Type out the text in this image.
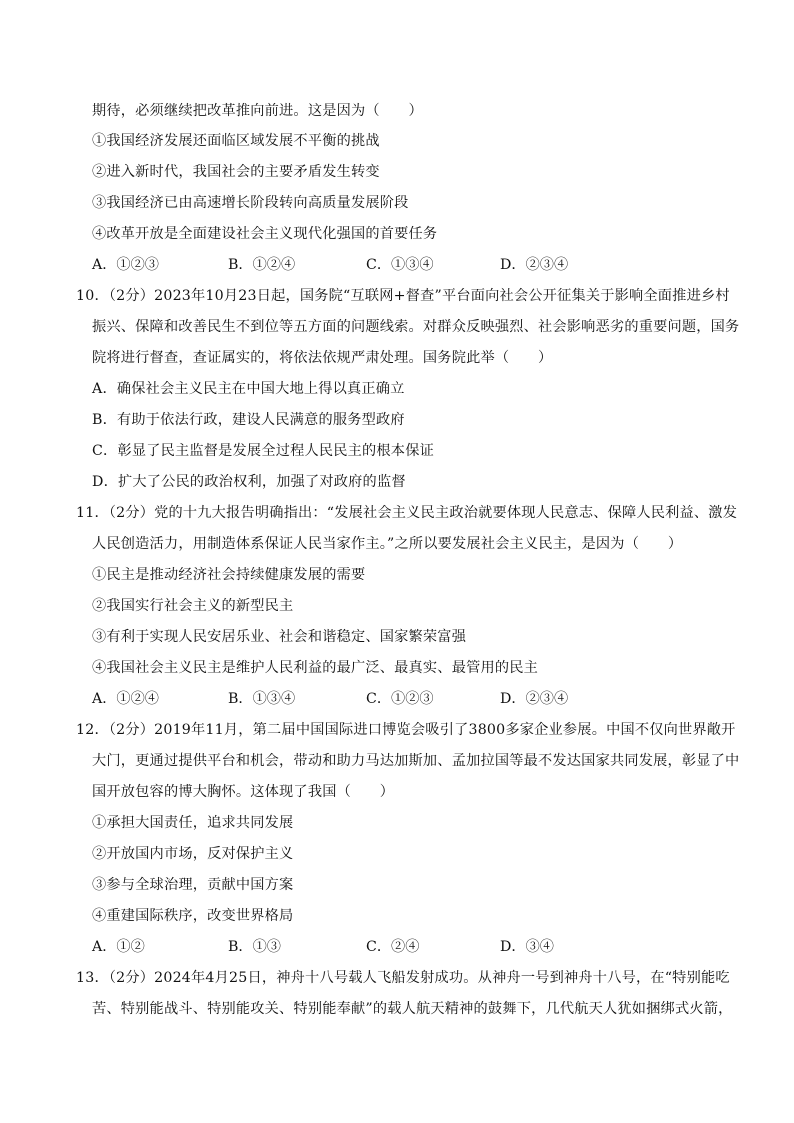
期待，必须继续把改革推向前进。这是因为（　　）
①我国经济发展还面临区域发展不平衡的挑战
②进入新时代，我国社会的主要矛盾发生转变
③我国经济已由高速增长阶段转向高质量发展阶段
④改革开放是全面建设社会主义现代化强国的首要任务
A．①②③	B．①②④	C．①③④	D．②③④
10．（2分）2023年10月23日起，国务院“互联网+督查”平台面向社会公开征集关于影响全面推进乡村
振兴、保障和改善民生不到位等五方面的问题线索。对群众反映强烈、社会影响恶劣的重要问题，国务
院将进行督查，查证属实的，将依法依规严肃处理。国务院此举（　　）
A．确保社会主义民主在中国大地上得以真正确立
B．有助于依法行政，建设人民满意的服务型政府
C．彰显了民主监督是发展全过程人民民主的根本保证
D．扩大了公民的政治权利，加强了对政府的监督
11．（2分）党的十九大报告明确指出：“发展社会主义民主政治就要体现人民意志、保障人民利益、激发
人民创造活力，用制造体系保证人民当家作主。”之所以要发展社会主义民主，是因为（　　）
①民主是推动经济社会持续健康发展的需要
②我国实行社会主义的新型民主
③有利于实现人民安居乐业、社会和谐稳定、国家繁荣富强
④我国社会主义民主是维护人民利益的最广泛、最真实、最管用的民主
A．①②④	B．①③④	C．①②③	D．②③④
12．（2分）2019年11月，第二届中国国际进口博览会吸引了3800多家企业参展。中国不仅向世界敞开
大门，更通过提供平台和机会，带动和助力马达加斯加、孟加拉国等最不发达国家共同发展，彰显了中
国开放包容的博大胸怀。这体现了我国（　　）
①承担大国责任，追求共同发展
②开放国内市场，反对保护主义
③参与全球治理，贡献中国方案
④重建国际秩序，改变世界格局
A．①②	B．①③	C．②④	D．③④
13．（2分）2024年4月25日，神舟十八号载人飞船发射成功。从神舟一号到神舟十八号，在“特别能吃
苦、特别能战斗、特别能攻关、特别能奉献”的载人航天精神的鼓舞下，几代航天人犹如捆绑式火箭，
